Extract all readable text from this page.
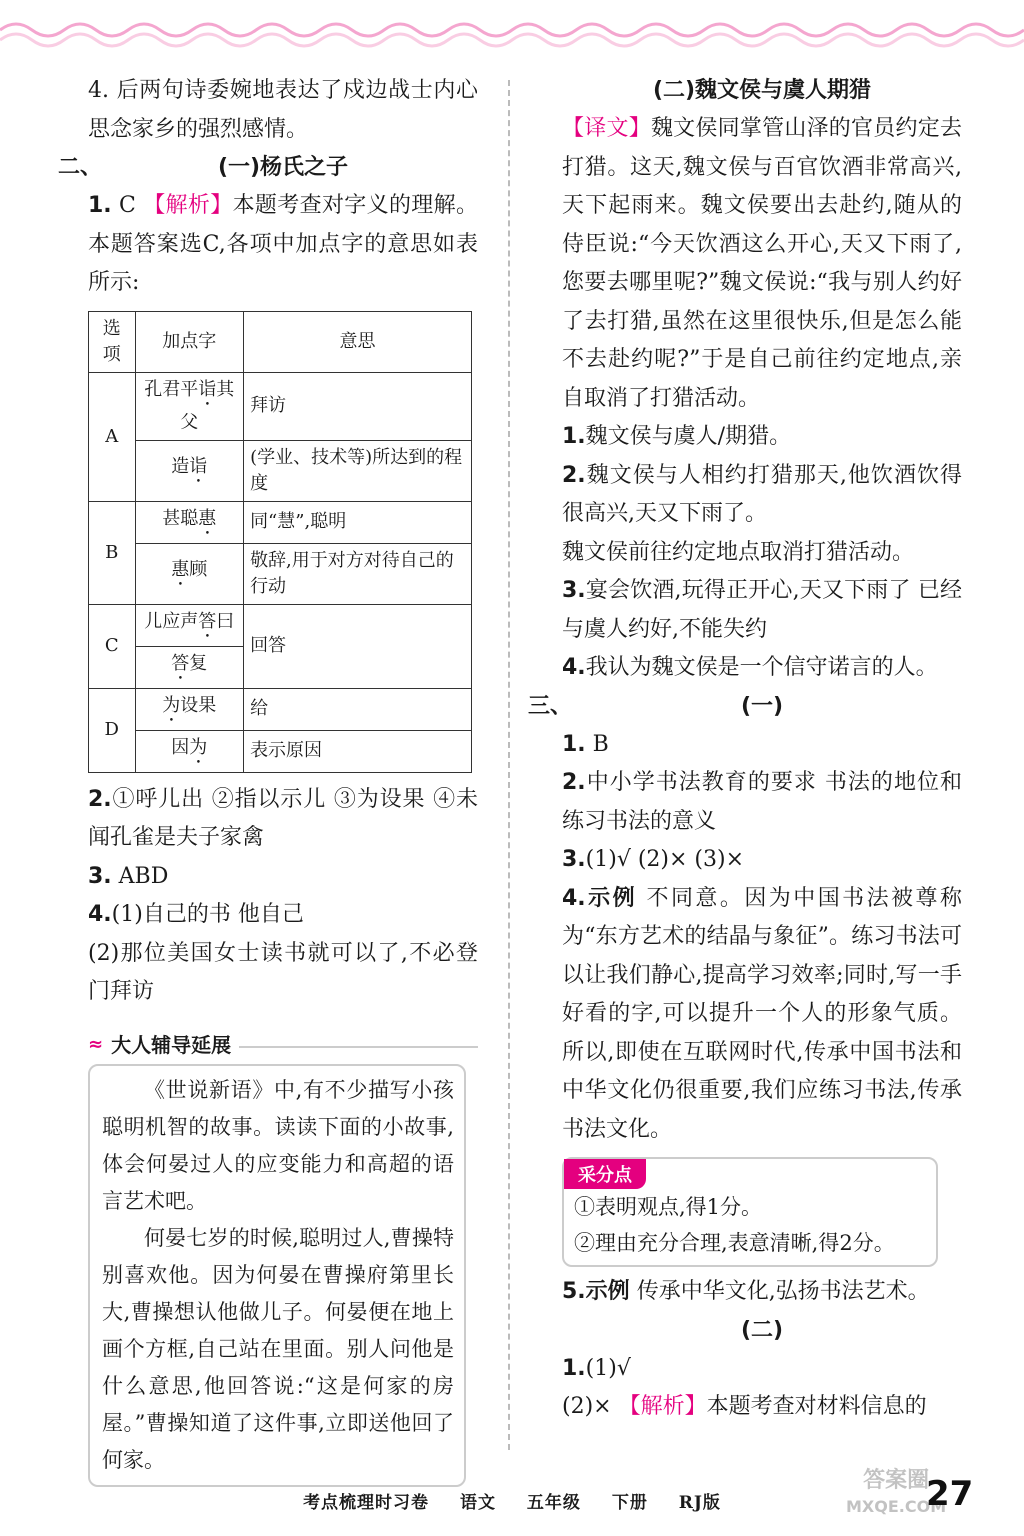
4. 后两句诗委婉地表达了戍边战士内心思念家乡的强烈感情。

二、	(一)杨氏之子

1. C 【解析】本题考查对字义的理解。本题答案选C,各项中加点字的意思如表所示:

选项	加点字	意思
A	孔君平诣其父	拜访
	造诣	(学业、技术等)所达到的程度
B	甚聪惠	同“慧”,聪明
	惠顾	敬辞,用于对方对待自己的行动
C	儿应声答曰	回答
	答复	
D	为设果	给
	因为	表示原因

2.①呼儿出 ②指以示儿 ③为设果 ④未闻孔雀是夫子家禽

3. ABD

4.(1)自己的书 他自己

(2)那位美国女士读书就可以了,不必登门拜访

≈ 大人辅导延展

《世说新语》中,有不少描写小孩聪明机智的故事。读读下面的小故事,体会何晏过人的应变能力和高超的语言艺术吧。

何晏七岁的时候,聪明过人,曹操特别喜欢他。因为何晏在曹操府第里长大,曹操想认他做儿子。何晏便在地上画个方框,自己站在里面。别人问他是什么意思,他回答说:“这是何家的房屋。”曹操知道了这件事,立即送他回了何家。

(二)魏文侯与虞人期猎

【译文】魏文侯同掌管山泽的官员约定去打猎。这天,魏文侯与百官饮酒非常高兴,天下起雨来。魏文侯要出去赴约,随从的侍臣说:“今天饮酒这么开心,天又下雨了,您要去哪里呢?”魏文侯说:“我与别人约好了去打猎,虽然在这里很快乐,但是怎么能不去赴约呢?”于是自己前往约定地点,亲自取消了打猎活动。

1.魏文侯与虞人/期猎。

2.魏文侯与人相约打猎那天,他饮酒饮得很高兴,天又下雨了。

魏文侯前往约定地点取消打猎活动。

3.宴会饮酒,玩得正开心,天又下雨了 已经与虞人约好,不能失约

4.我认为魏文侯是一个信守诺言的人。

三、	(一)

1. B

2.中小学书法教育的要求 书法的地位和练习书法的意义

3.(1)√ (2)× (3)×

4.示例 不同意。因为中国书法被尊称为“东方艺术的结晶与象征”。练习书法可以让我们静心,提高学习效率;同时,写一手好看的字,可以提升一个人的形象气质。所以,即使在互联网时代,传承中国书法和中华文化仍很重要,我们应练习书法,传承书法文化。

采分点

①表明观点,得1分。

②理由充分合理,表意清晰,得2分。

5.示例 传承中华文化,弘扬书法艺术。

(二)

1.(1)√

(2)× 【解析】本题考查对材料信息的

考点梳理时习卷 语文 五年级 下册 RJ版
答案圈
MXQE.COM
27
